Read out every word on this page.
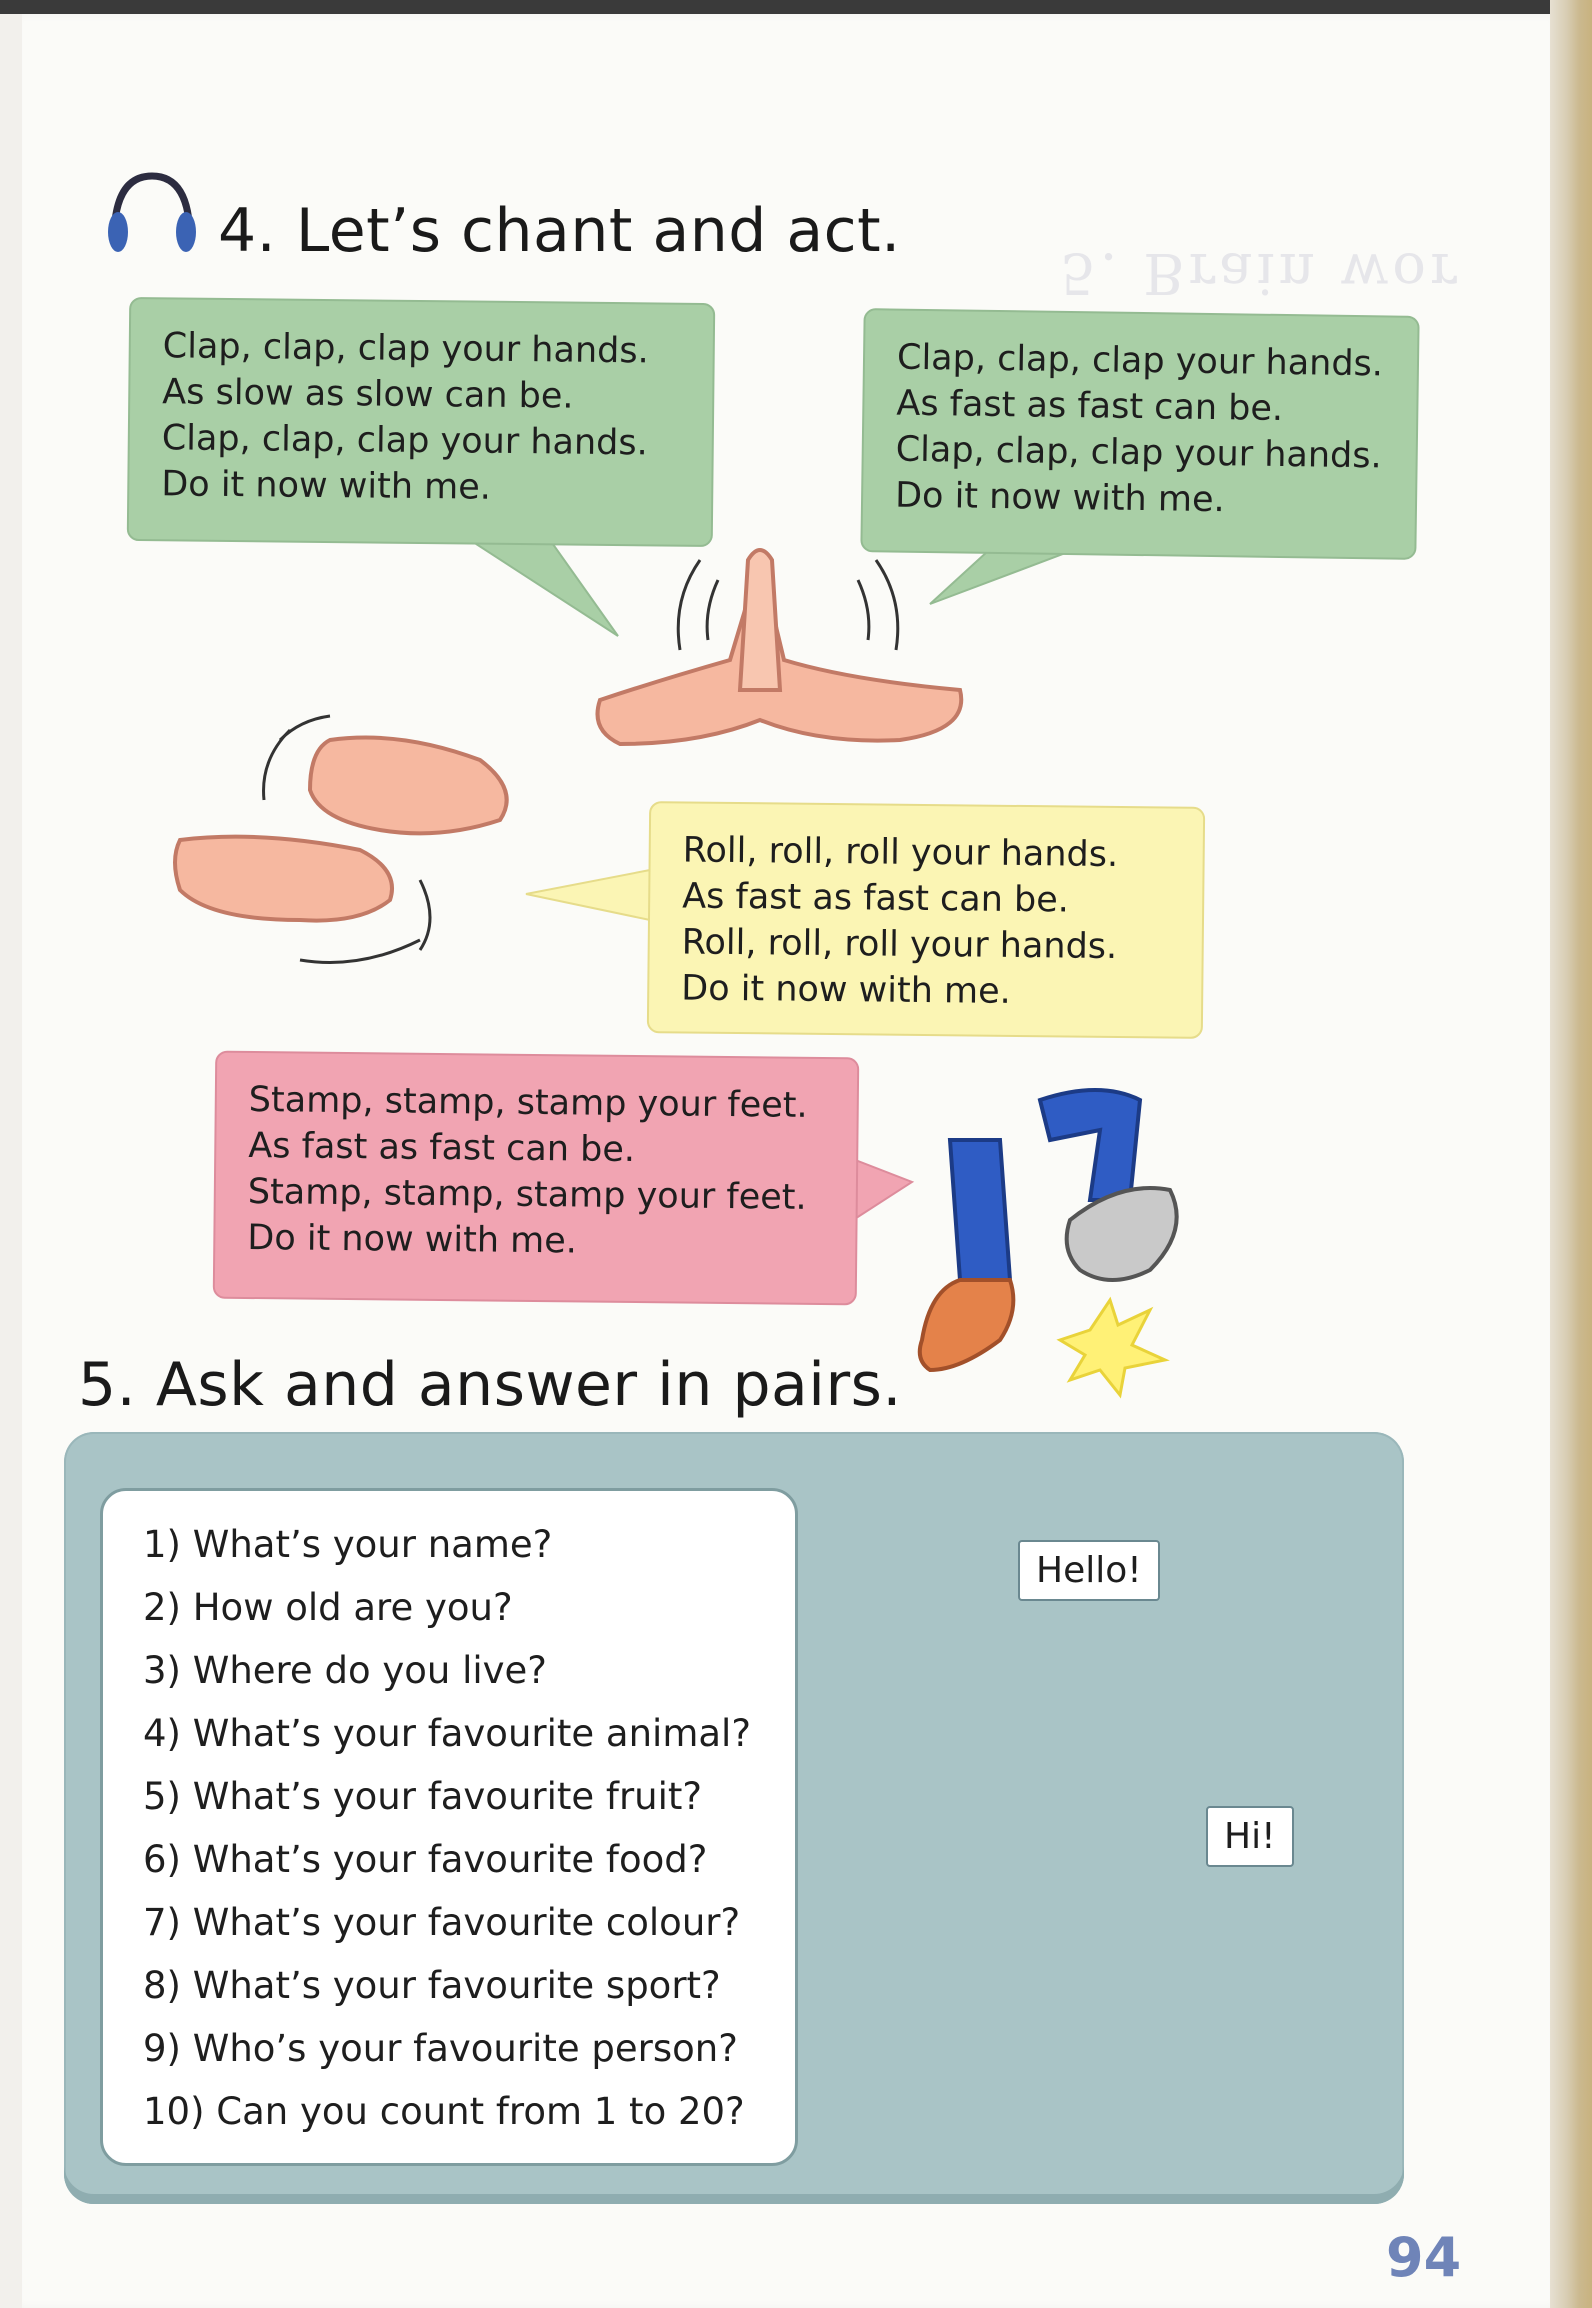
5. Brain wor
4. Let’s chant and act.
Clap, clap, clap your hands.
As slow as slow can be.
Clap, clap, clap your hands.
Do it now with me.
Clap, clap, clap your hands.
As fast as fast can be.
Clap, clap, clap your hands.
Do it now with me.
Roll, roll, roll your hands.
As fast as fast can be.
Roll, roll, roll your hands.
Do it now with me.
Stamp, stamp, stamp your feet.
As fast as fast can be.
Stamp, stamp, stamp your feet.
Do it now with me.
5. Ask and answer in pairs.
1) What’s your name?
2) How old are you?
3) Where do you live?
4) What’s your favourite animal?
5) What’s your favourite fruit?
6) What’s your favourite food?
7) What’s your favourite colour?
8) What’s your favourite sport?
9) Who’s your favourite person?
10) Can you count from 1 to 20?
Hello!
Hi!
94
